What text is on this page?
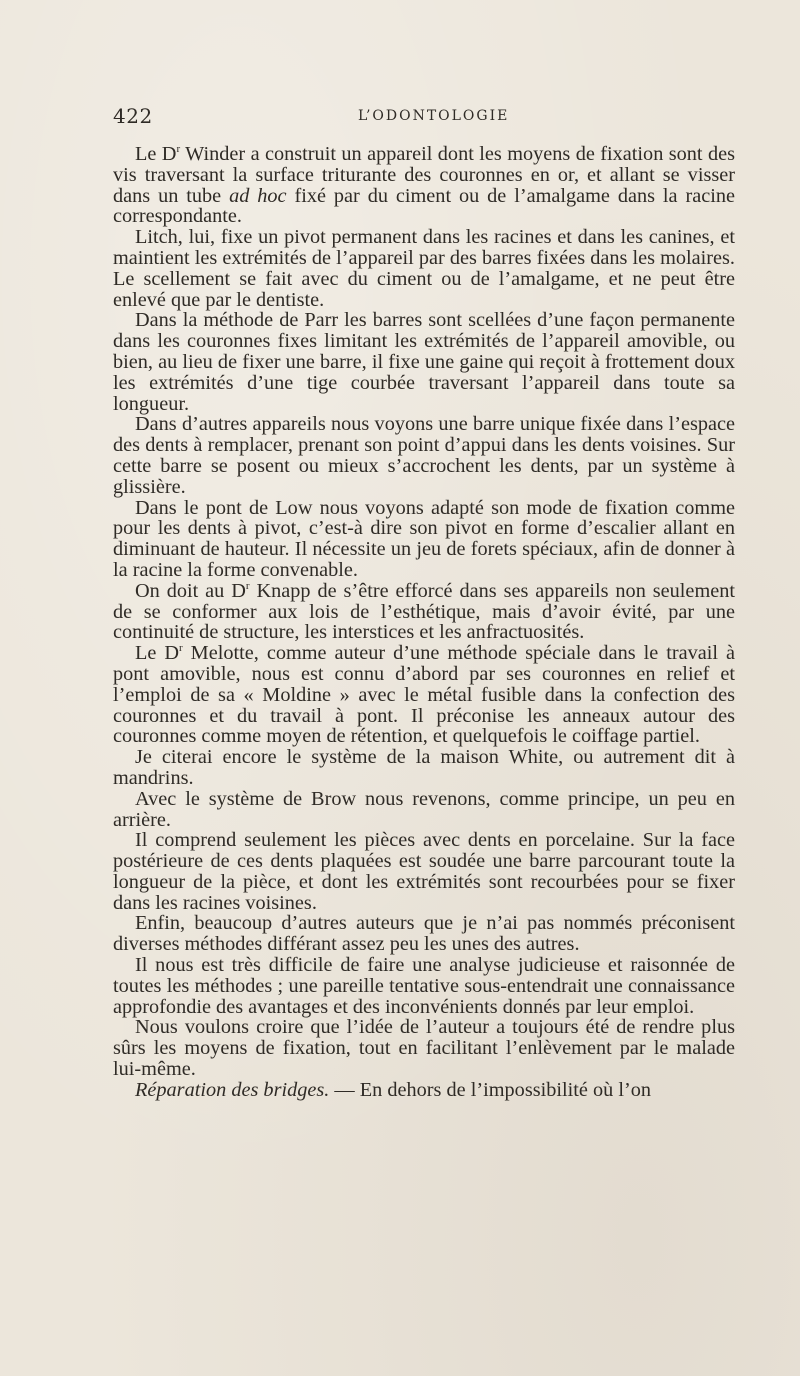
422	L’ODONTOLOGIE

Le $D^r$ Winder a construit un appareil dont les moyens de fixation sont des vis traversant la surface triturante des couronnes en or, et allant se visser dans un tube ad hoc fixé par du ciment ou de l’amalgame dans la racine correspondante.

Litch, lui, fixe un pivot permanent dans les racines et dans les canines, et maintient les extrémités de l’appareil par des barres fixées dans les molaires. Le scellement se fait avec du ciment ou de l’amalgame, et ne peut être enlevé que par le dentiste.

Dans la méthode de Parr les barres sont scellées d’une façon permanente dans les couronnes fixes limitant les extrémités de l’appareil amovible, ou bien, au lieu de fixer une barre, il fixe une gaine qui reçoit à frottement doux les extrémités d’une tige courbée traversant l’appareil dans toute sa longueur.

Dans d’autres appareils nous voyons une barre unique fixée dans l’espace des dents à remplacer, prenant son point d’appui dans les dents voisines. Sur cette barre se posent ou mieux s’accrochent les dents, par un système à glissière.

Dans le pont de Low nous voyons adapté son mode de fixation comme pour les dents à pivot, c’est-à dire son pivot en forme d’escalier allant en diminuant de hauteur. Il nécessite un jeu de forets spéciaux, afin de donner à la racine la forme convenable.

On doit au $D^r$ Knapp de s’être efforcé dans ses appareils non seulement de se conformer aux lois de l’esthétique, mais d’avoir évité, par une continuité de structure, les interstices et les anfractuosités.

Le $D^r$ Melotte, comme auteur d’une méthode spéciale dans le travail à pont amovible, nous est connu d’abord par ses couronnes en relief et l’emploi de sa « Moldine » avec le métal fusible dans la confection des couronnes et du travail à pont. Il préconise les anneaux autour des couronnes comme moyen de rétention, et quelquefois le coiffage partiel.

Je citerai encore le système de la maison White, ou autrement dit à mandrins.

Avec le système de Brow nous revenons, comme principe, un peu en arrière.

Il comprend seulement les pièces avec dents en porcelaine. Sur la face postérieure de ces dents plaquées est soudée une barre parcourant toute la longueur de la pièce, et dont les extrémités sont recourbées pour se fixer dans les racines voisines.

Enfin, beaucoup d’autres auteurs que je n’ai pas nommés préconisent diverses méthodes différant assez peu les unes des autres.

Il nous est très difficile de faire une analyse judicieuse et raisonnée de toutes les méthodes ; une pareille tentative sous-entendrait une connaissance approfondie des avantages et des inconvénients donnés par leur emploi.

Nous voulons croire que l’idée de l’auteur a toujours été de rendre plus sûrs les moyens de fixation, tout en facilitant l’enlèvement par le malade lui-même.

Réparation des bridges. — En dehors de l’impossibilité où l’on
